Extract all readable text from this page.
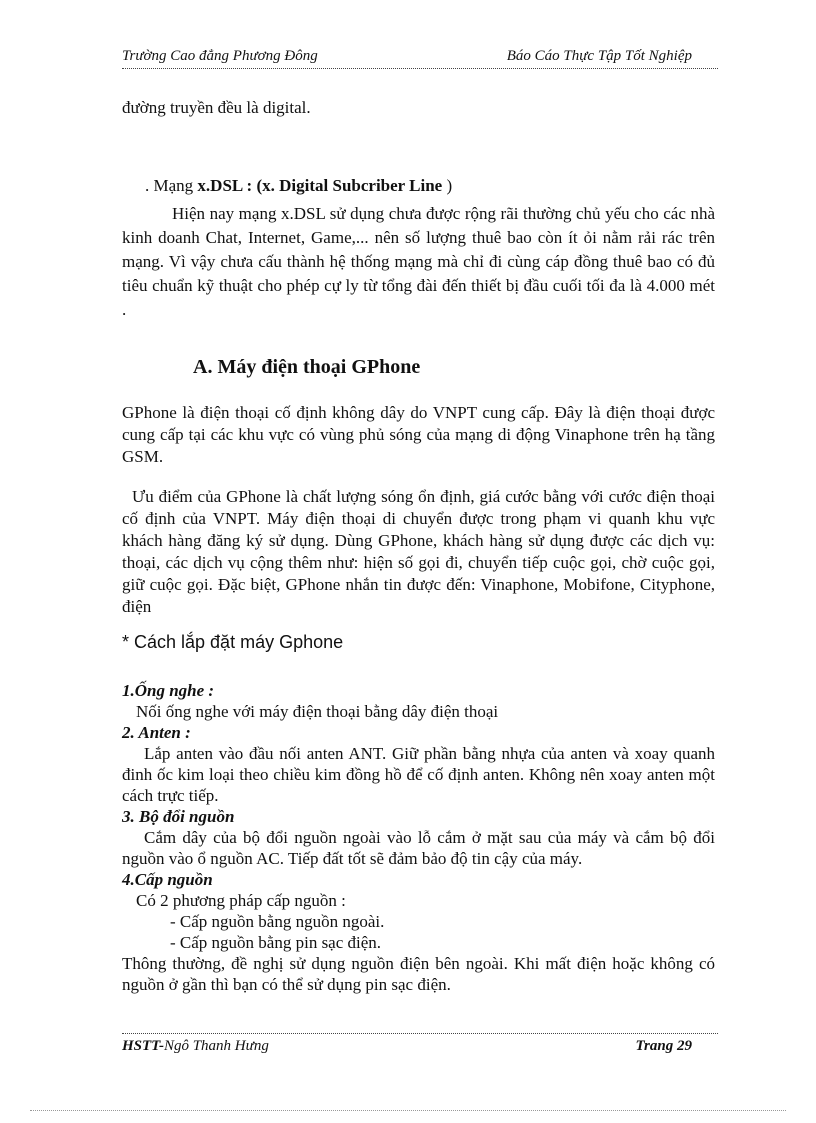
Trường Cao đẳng Phương Đông	Báo Cáo Thực Tập Tốt Nghiệp
đường truyền đều là digital.
. Mạng x.DSL : (x. Digital Subcriber Line )
Hiện nay mạng x.DSL sử dụng chưa được rộng rãi thường chủ yếu cho các nhà kinh doanh Chat, Internet, Game,... nên số lượng thuê bao còn ít ỏi nằm rải rác trên mạng. Vì vậy chưa cấu thành hệ thống mạng mà chỉ đi cùng cáp đồng thuê bao có đủ tiêu chuẩn kỹ thuật cho phép cự ly từ tổng đài đến thiết bị đầu cuối tối đa là 4.000 mét .
A. Máy điện thoại GPhone
GPhone là điện thoại cố định không dây do VNPT cung cấp. Đây là điện thoại được cung cấp tại các khu vực có vùng phủ sóng của mạng di động Vinaphone trên hạ tầng GSM.
Ưu điểm của GPhone là chất lượng sóng ổn định, giá cước bằng với cước điện thoại cố định của VNPT. Máy điện thoại di chuyển được trong phạm vi quanh khu vực khách hàng đăng ký sử dụng. Dùng GPhone, khách hàng sử dụng được các dịch vụ: thoại, các dịch vụ cộng thêm như: hiện số gọi đi, chuyển tiếp cuộc gọi, chờ cuộc gọi, giữ cuộc gọi. Đặc biệt, GPhone nhắn tin được đến: Vinaphone, Mobifone, Cityphone, điện
* Cách lắp đặt máy Gphone
1.Ống nghe :
Nối ống nghe với máy điện thoại bằng dây điện thoại
2. Anten :
Lắp anten vào đầu nối anten ANT. Giữ phần bằng nhựa của anten và xoay quanh đinh ốc kim loại theo chiều kim đồng hồ để cố định anten. Không nên xoay anten một cách trực tiếp.
3. Bộ đổi nguồn
Cắm dây của bộ đổi nguồn ngoài vào lỗ cắm ở mặt sau của máy và cắm bộ đổi nguồn vào ổ nguồn AC. Tiếp đất tốt sẽ đảm bảo độ tin cậy của máy.
4.Cấp nguồn
Có 2 phương pháp cấp nguồn :
- Cấp nguồn bằng nguồn ngoài.
- Cấp nguồn bằng pin sạc điện.
Thông thường, đề nghị sử dụng nguồn điện bên ngoài. Khi mất điện hoặc không có nguồn ở gần thì bạn có thể sử dụng pin sạc điện.
HSTT-Ngô Thanh Hưng	Trang 29
